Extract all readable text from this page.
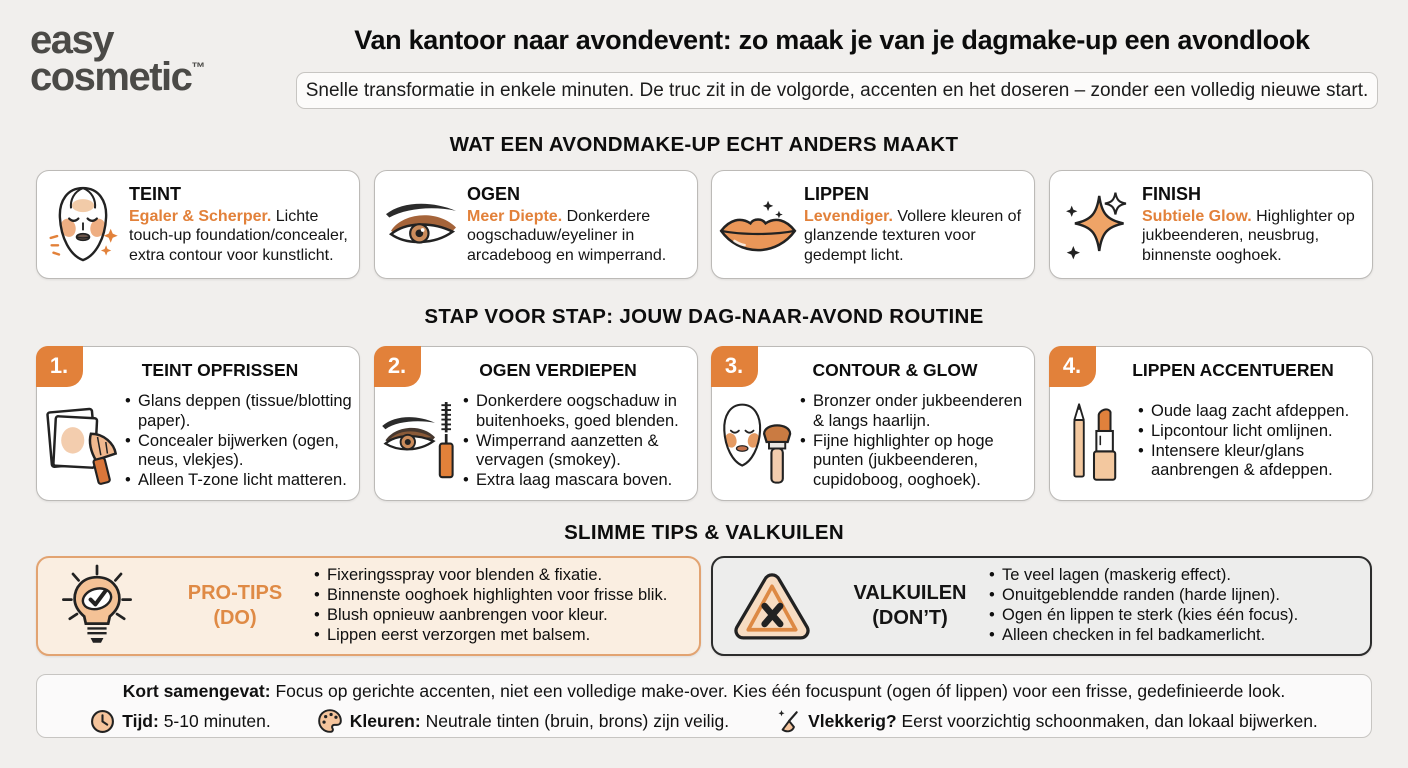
easy
cosmetic™
Van kantoor naar avondevent: zo maak je van je dagmake-up een avondlook
Snelle transformatie in enkele minuten. De truc zit in de volgorde, accenten en het doseren – zonder een volledig nieuwe start.
WAT EEN AVONDMAKE-UP ECHT ANDERS MAAKT
TEINT
Egaler & Scherper. Lichte touch-up foundation/concealer, extra contour voor kunstlicht.
OGEN
Meer Diepte. Donkerdere oogschaduw/eyeliner in arcadeboog en wimperrand.
LIPPEN
Levendiger. Vollere kleuren of glanzende texturen voor gedempt licht.
FINISH
Subtiele Glow. Highlighter op jukbeenderen, neusbrug, binnenste ooghoek.
STAP VOOR STAP: JOUW DAG-NAAR-AVOND ROUTINE
1.	TEINT OPFRISSEN
• Glans deppen (tissue/blotting paper).
• Concealer bijwerken (ogen, neus, vlekjes).
• Alleen T-zone licht matteren.
2.	OGEN VERDIEPEN
• Donkerdere oogschaduw in buitenhoeks, goed blenden.
• Wimperrand aanzetten & vervagen (smokey).
• Extra laag mascara boven.
3.	CONTOUR & GLOW
• Bronzer onder jukbeenderen & langs haarlijn.
• Fijne highlighter op hoge punten (jukbeenderen, cupidoboog, ooghoek).
4.	LIPPEN ACCENTUEREN
• Oude laag zacht afdeppen.
• Lipcontour licht omlijnen.
• Intensere kleur/glans aanbrengen & afdeppen.
SLIMME TIPS & VALKUILEN
PRO-TIPS
(DO)
• Fixeringsspray voor blenden & fixatie.
• Binnenste ooghoek highlighten voor frisse blik.
• Blush opnieuw aanbrengen voor kleur.
• Lippen eerst verzorgen met balsem.
VALKUILEN
(DON’T)
• Te veel lagen (maskerig effect).
• Onuitgeblendde randen (harde lijnen).
• Ogen én lippen te sterk (kies één focus).
• Alleen checken in fel badkamerlicht.
Kort samengevat: Focus op gerichte accenten, niet een volledige make-over. Kies één focuspunt (ogen óf lippen) voor een frisse, gedefinieerde look.
Tijd: 5-10 minuten.	Kleuren: Neutrale tinten (bruin, brons) zijn veilig.	Vlekkerig? Eerst voorzichtig schoonmaken, dan lokaal bijwerken.
